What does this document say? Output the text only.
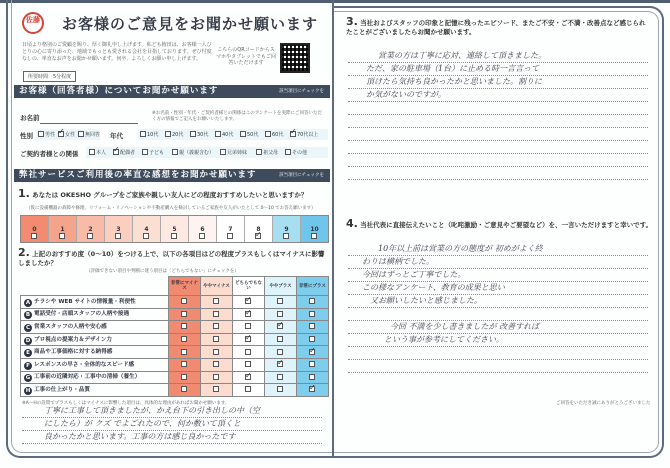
佐藤 お客様のご意見をお聞かせ願います
日頃より格別のご愛顧を賜り、厚く御礼申し上げます。私ども植田は、お客様一人ひとりの心に寄り添った、地域でもっとも愛される会社を目指しております。ぜひ忖度なしの、率直なお声をお聞かせ願います。何卒、よろしくお願い申し上げます。
所要時間　5分程度
こちらのQRコードからスマホやタブレットでもご回答いただけます
お客様（回答者様）についてお聞かせ願います	該当項目にチェックを
お名前
※お名前・性別・年代・ご契約者様との関係はこのアンケートを実際にご回答いただく方の情報でご記入をお願いいたします。
性別	男性 ✓	女性	無回答 年代	10代	20代	30代	40代	50代	60代 ✓	70代以上
ご契約者様との関係	本人 ✓	配偶者	子ども	親（義親含む）	兄弟姉妹	祖父母	その他
弊社サービスご利用後の率直な感想をお聞かせ願います	該当項目にチェックを
1. あなたは OKESHO グループをご家族や親しい友人にどの程度おすすめしたいと思いますか？
（仮に設備機器の故障や修理、リフォーム・リノベーションや不動産購入を検討しているご家族や友人がいたとして 0〜10 でお答え願います）
0	1	2	3	4	5	6	7

✓	9	10

2. 上記のおすすめ度（0〜10）をつける上で、以下の各項目はどの程度プラスもしくはマイナスに影響しましたか？
（評価できない項目や判断に迷う項目は「どちらでもない」にチェックを）
	非常にマイナス	ややマイナス	どちらでもない	ややプラス	非常にプラス
A チラシや WEB サイトの情報量・利便性			✓		
B 電話受付・店頭スタッフの人柄や接遇			✓		
C 営業スタッフの人柄や安心感				✓	
D プロ視点の提案力＆デザイン力			✓		
E 商品や工事価格に対する納得感					✓
F レスポンスの早さ・全体的なスピード感				✓	
G 工事前の近隣対応・工事中の清掃（養生）			✓		
H 工事の仕上がり・品質					✓
※A〜Hの設問でプラスもしくはマイナスに影響した項目は、具体的な理由があればお聞かせ願います。
丁寧に工事して頂きましたが、かえ台下の引き出しの中（空
にしたら）が クズ でよごれたので、何か敷いて頂くと
良かったかと思います。工事の方は感じ良かったです
3. 当社およびスタッフの印象と記憶に残ったエピソード、またご不安・ご不満・改善点など感じられたことがございましたらお聞かせ願います。
営業の方は丁寧に応対、連絡して頂きました。
ただ、家の駐車場（1台）に止める時一言言って
頂けたら気持ち良かったかと思いました。割りに
か気がないのですが。
4. 当社代表に直接伝えたいこと（叱咤激励・ご意見やご要望など）を、一言いただけますと幸いです。
10年以上前は営業の方の態度が 初めがよく終
わりは横柄でした。
今回はずっとご丁寧でした。
この様なアンケート、教育の成果と思い
又お願いしたいと感じました。
今回 不満を少し書きましたが 改善すれば
という事が参考にしてください。
ご回答をいただき誠にありがとうございました
